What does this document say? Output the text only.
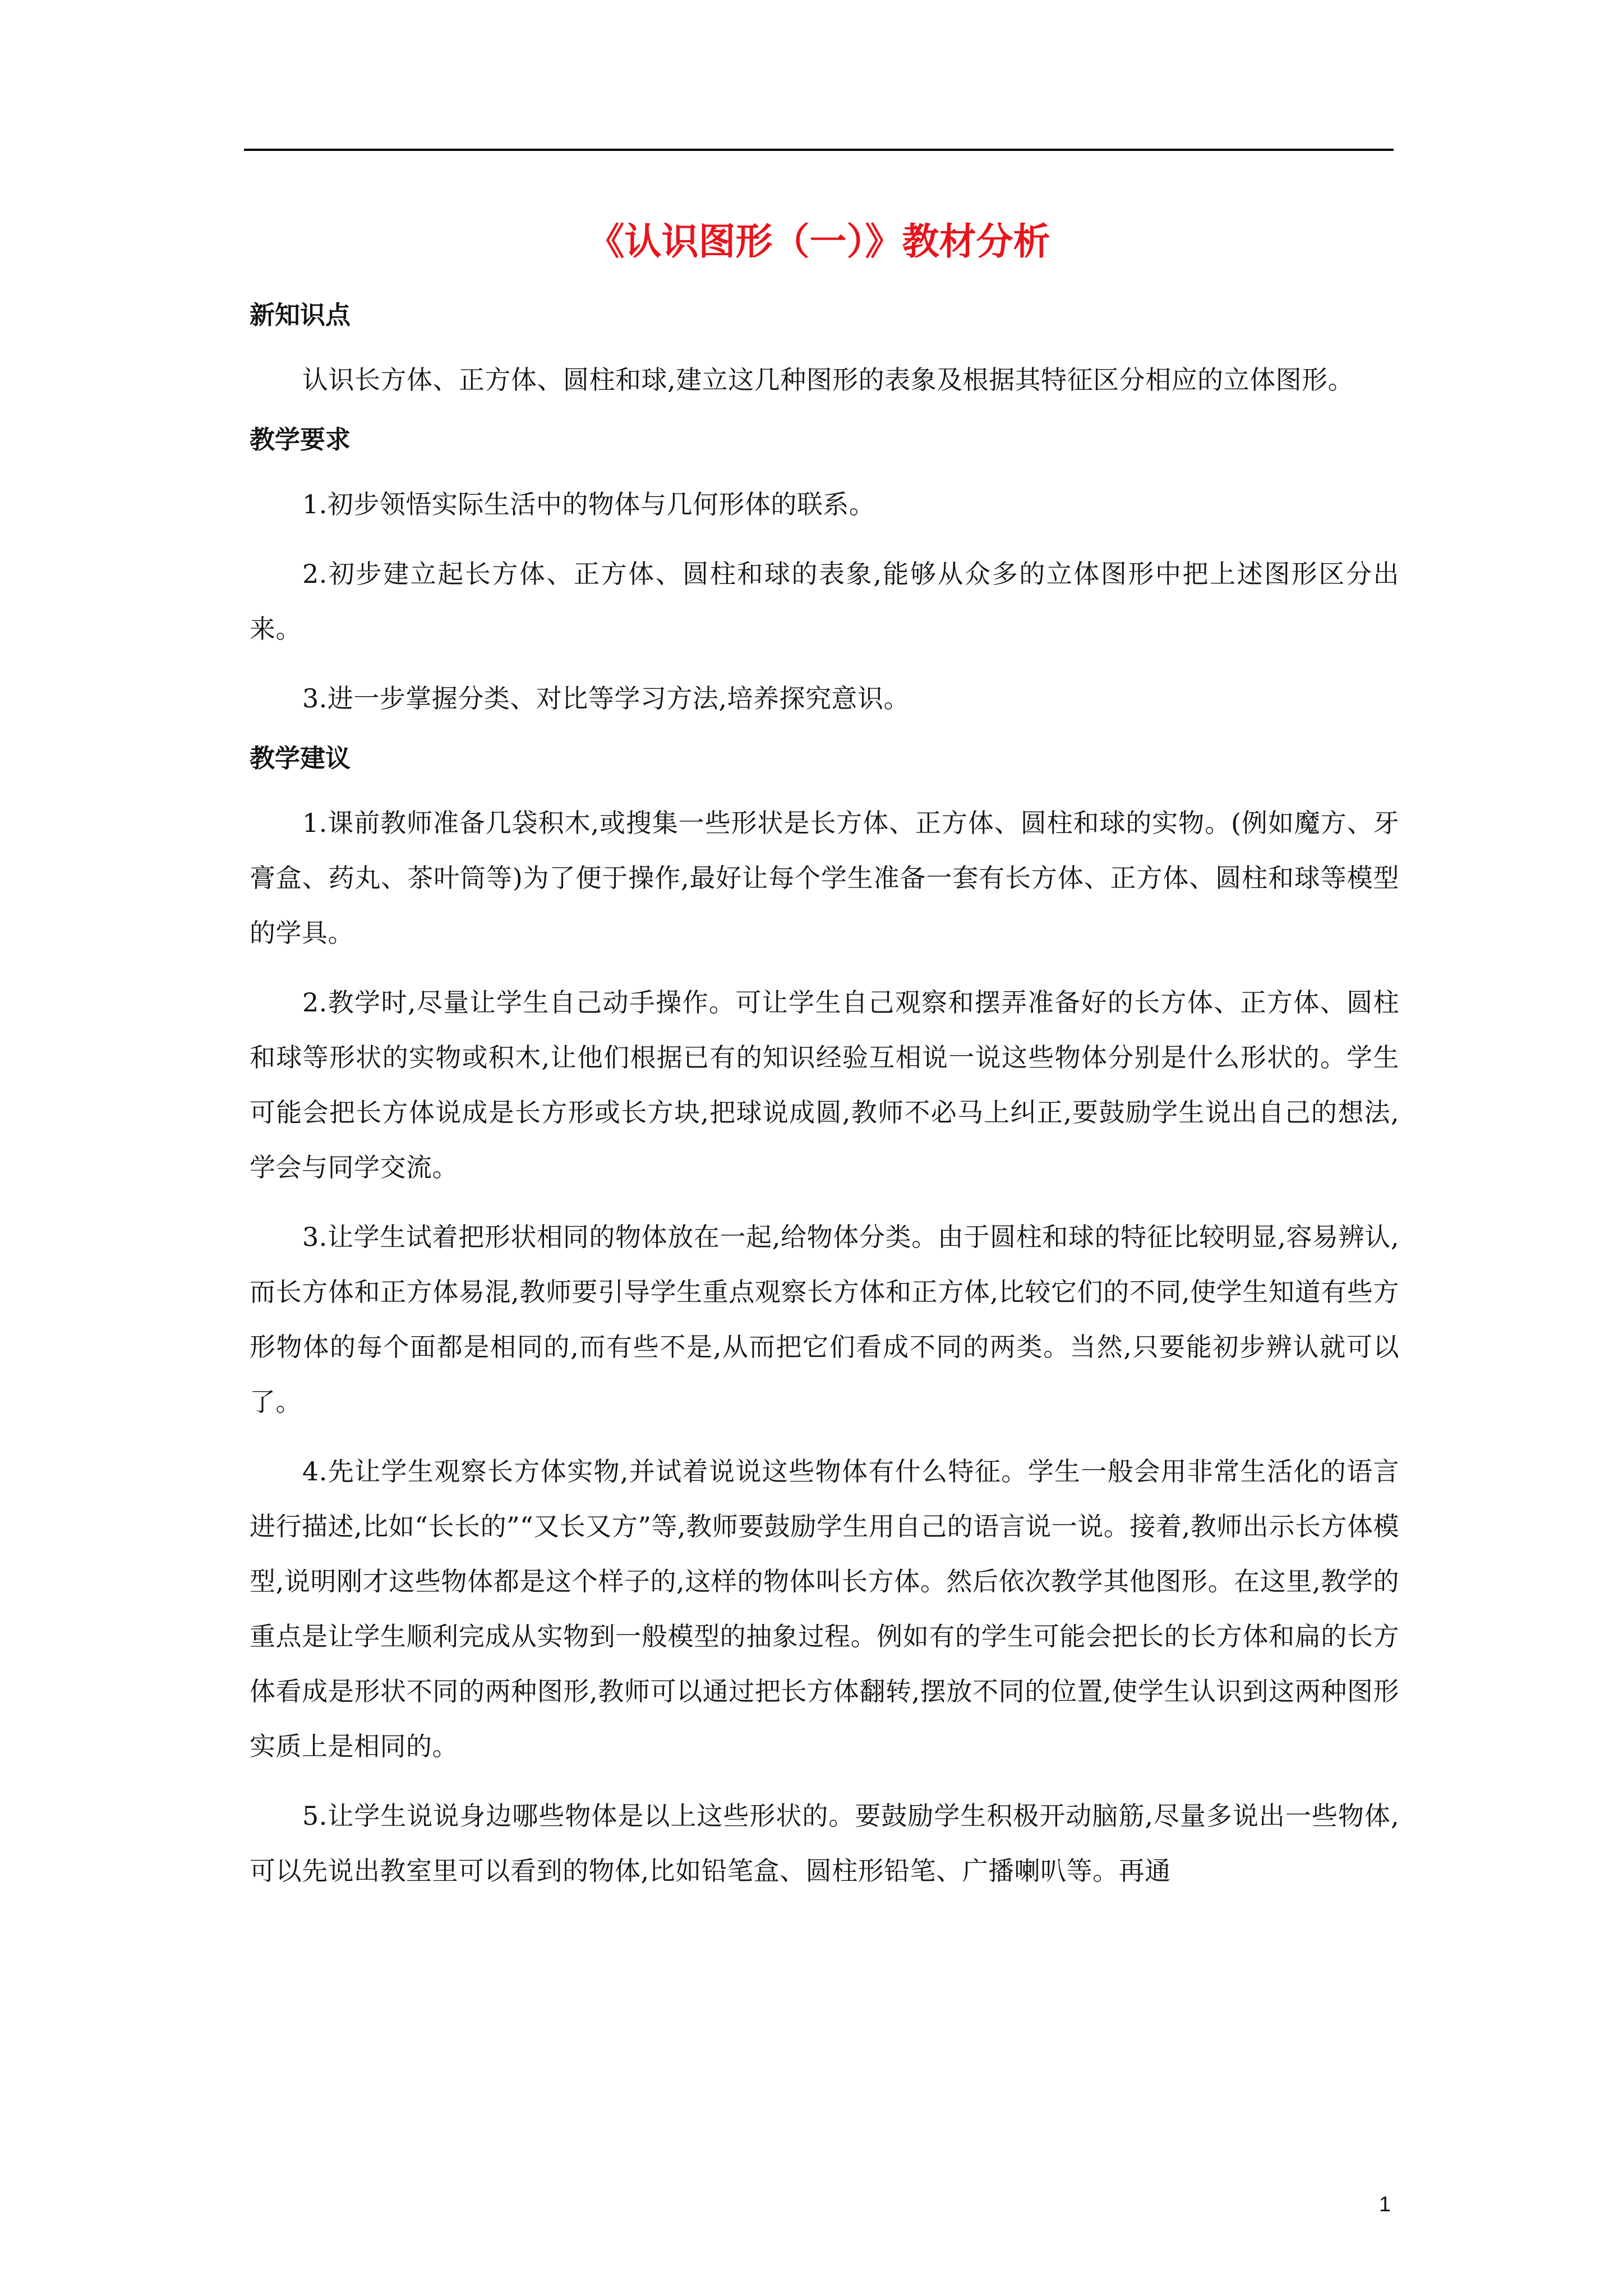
《认识图形（一）》教材分析
新知识点

认识长方体、正方体、圆柱和球,建立这几种图形的表象及根据其特征区分相应的立体图形。

教学要求

1.初步领悟实际生活中的物体与几何形体的联系。

2.初步建立起长方体、正方体、圆柱和球的表象,能够从众多的立体图形中把上述图形区分出来。

3.进一步掌握分类、对比等学习方法,培养探究意识。

教学建议

1.课前教师准备几袋积木,或搜集一些形状是长方体、正方体、圆柱和球的实物。(例如魔方、牙膏盒、药丸、茶叶筒等)为了便于操作,最好让每个学生准备一套有长方体、正方体、圆柱和球等模型的学具。

2.教学时,尽量让学生自己动手操作。可让学生自己观察和摆弄准备好的长方体、正方体、圆柱和球等形状的实物或积木,让他们根据已有的知识经验互相说一说这些物体分别是什么形状的。学生可能会把长方体说成是长方形或长方块,把球说成圆,教师不必马上纠正,要鼓励学生说出自己的想法,学会与同学交流。

3.让学生试着把形状相同的物体放在一起,给物体分类。由于圆柱和球的特征比较明显,容易辨认,而长方体和正方体易混,教师要引导学生重点观察长方体和正方体,比较它们的不同,使学生知道有些方形物体的每个面都是相同的,而有些不是,从而把它们看成不同的两类。当然,只要能初步辨认就可以了。

4.先让学生观察长方体实物,并试着说说这些物体有什么特征。学生一般会用非常生活化的语言进行描述,比如“长长的”“又长又方”等,教师要鼓励学生用自己的语言说一说。接着,教师出示长方体模型,说明刚才这些物体都是这个样子的,这样的物体叫长方体。然后依次教学其他图形。在这里,教学的重点是让学生顺利完成从实物到一般模型的抽象过程。例如有的学生可能会把长的长方体和扁的长方体看成是形状不同的两种图形,教师可以通过把长方体翻转,摆放不同的位置,使学生认识到这两种图形实质上是相同的。

5.让学生说说身边哪些物体是以上这些形状的。要鼓励学生积极开动脑筋,尽量多说出一些物体,可以先说出教室里可以看到的物体,比如铅笔盒、圆柱形铅笔、广播喇叭等。再通

1
